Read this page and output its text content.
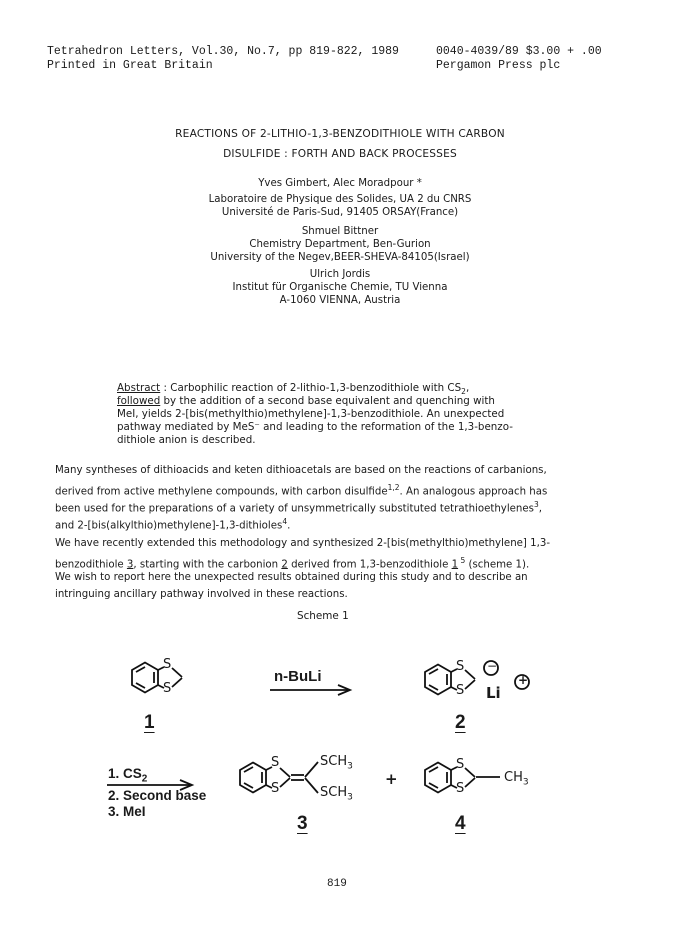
Tetrahedron Letters, Vol.30, No.7, pp 819-822, 1989
Printed in Great Britain
0040-4039/89 $3.00 + .00
Pergamon Press plc
REACTIONS OF 2-LITHIO-1,3-BENZODITHIOLE WITH CARBON
DISULFIDE : FORTH AND BACK PROCESSES
Yves Gimbert, Alec Moradpour *
Laboratoire de Physique des Solides, UA 2 du CNRS
Université de Paris-Sud, 91405 ORSAY(France)
Shmuel Bittner
Chemistry Department, Ben-Gurion
University of the Negev,BEER-SHEVA-84105(Israel)
Ulrich Jordis
Institut für Organische Chemie, TU Vienna
A-1060 VIENNA, Austria
Abstract : Carbophilic reaction of 2-lithio-1,3-benzodithiole with $CS_2$,
followed by the addition of a second base equivalent and quenching with
MeI, yields 2-[bis(methylthio)methylene]-1,3-benzodithiole. An unexpected
pathway mediated by MeS⁻ and leading to the reformation of the 1,3-benzo-
dithiole anion is described.
Many syntheses of dithioacids and keten dithioacetals are based on the reactions of carbanions,
derived from active methylene compounds, with carbon disulfide$^{1,2}$. An analogous approach has
been used for the preparations of a variety of unsymmetrically substituted tetrathioethylenes$^3$,
and 2-[bis(alkylthio)methylene]-1,3-dithioles$^4$.
We have recently extended this methodology and synthesized 2-[bis(methylthio)methylene] 1,3-
benzodithiole 3, starting with the carbonion 2 derived from 1,3-benzodithiole 1 $^5$ (scheme 1).
We wish to report here the unexpected results obtained during this study and to describe an
intringuing ancillary pathway involved in these reactions.
Scheme 1
S
S
n-BuLi
S
S
−
Li
+
1	2
1. $CS_2$
2. Second base
3. MeI
S
S
$SCH_3$
$SCH_3$
+
S
S
$CH_3$
3	4
819
